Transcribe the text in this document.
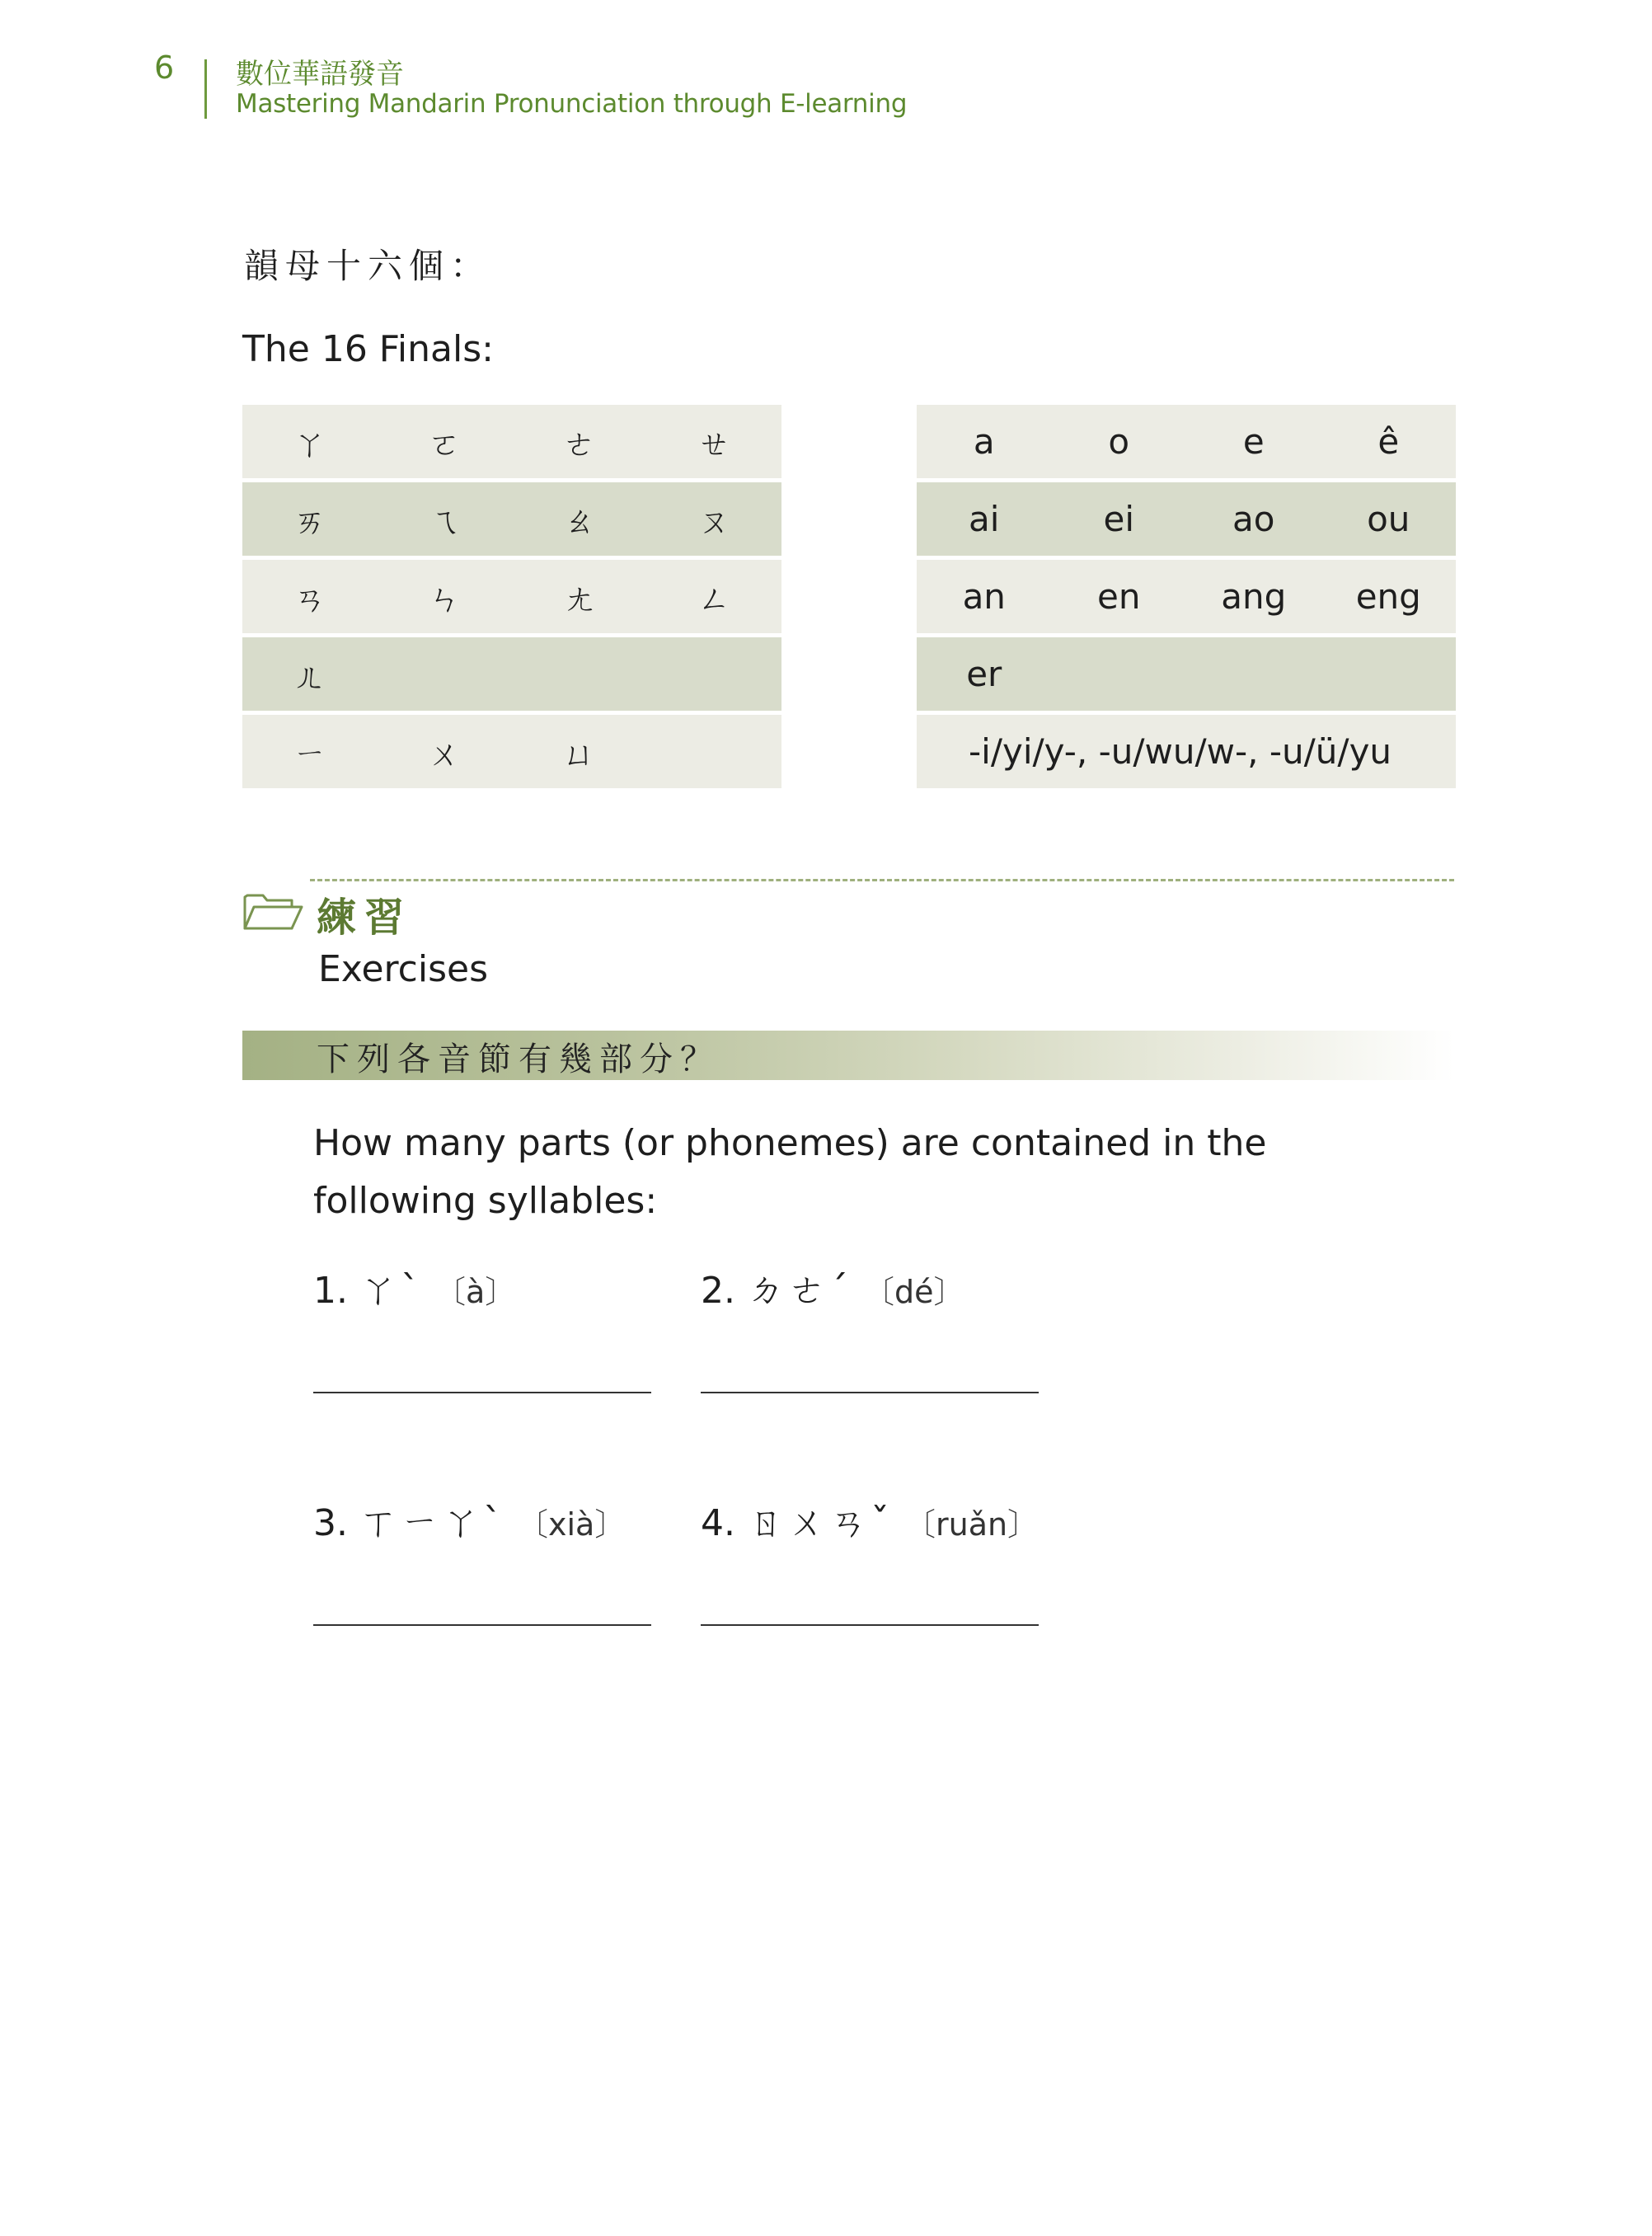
6 數位華語發音
Mastering Mandarin Pronunciation through E-learning
韻母十六個：
The 16 Finals:
ㄚ	ㄛ	ㄜ	ㄝ
ㄞ	ㄟ	ㄠ	ㄡ
ㄢ	ㄣ	ㄤ	ㄥ
ㄦ
ㄧ	ㄨ	ㄩ
a	o	e	ê
ai	ei	ao	ou
an	en	ang	eng
er
-i/yi/y-, -u/wu/w-, -u/ü/yu
練習
Exercises
下列各音節有幾部分？
How many parts (or phonemes) are contained in the following syllables:
1. ㄚˋ 〔à〕	2. ㄉㄜˊ 〔dé〕
3. ㄒㄧㄚˋ 〔xià〕 4. ㄖㄨㄢˇ 〔ruǎn〕
